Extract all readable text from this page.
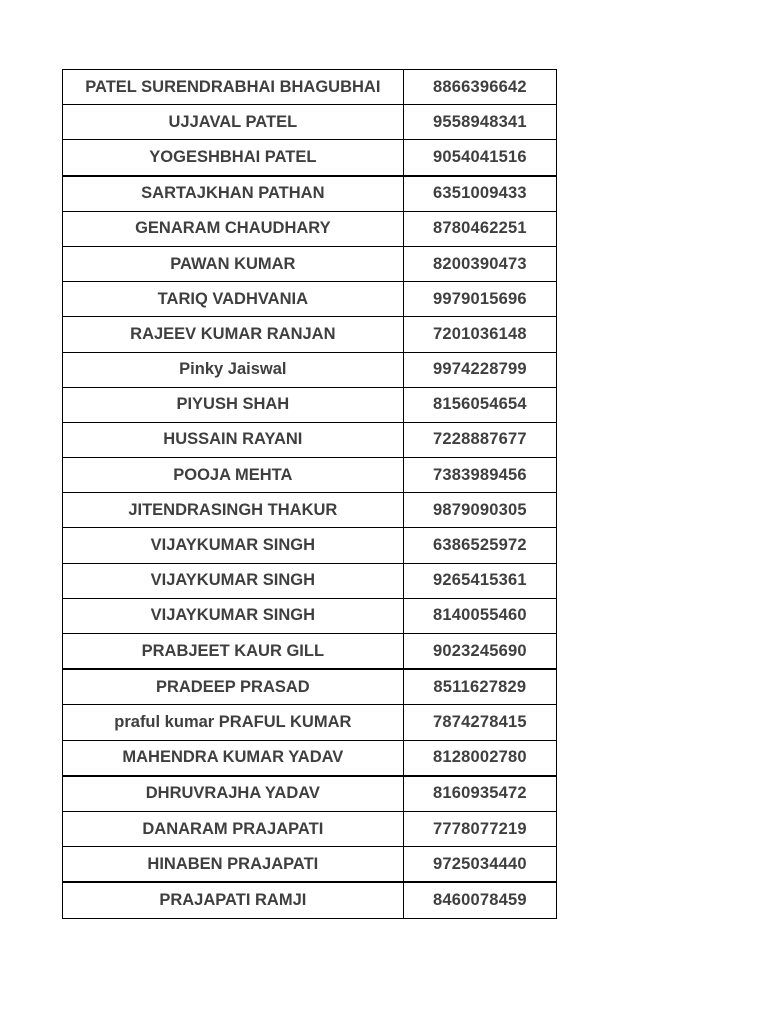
PATEL SURENDRABHAI BHAGUBHAI	8866396642
UJJAVAL PATEL	9558948341
YOGESHBHAI PATEL	9054041516
SARTAJKHAN PATHAN	6351009433
GENARAM CHAUDHARY	8780462251
PAWAN KUMAR	8200390473
TARIQ VADHVANIA	9979015696
RAJEEV KUMAR RANJAN	7201036148
Pinky Jaiswal	9974228799
PIYUSH SHAH	8156054654
HUSSAIN RAYANI	7228887677
POOJA MEHTA	7383989456
JITENDRASINGH THAKUR	9879090305
VIJAYKUMAR SINGH	6386525972
VIJAYKUMAR SINGH	9265415361
VIJAYKUMAR SINGH	8140055460
PRABJEET KAUR GILL	9023245690
PRADEEP PRASAD	8511627829
praful kumar PRAFUL KUMAR	7874278415
MAHENDRA KUMAR YADAV	8128002780
DHRUVRAJHA YADAV	8160935472
DANARAM PRAJAPATI	7778077219
HINABEN PRAJAPATI	9725034440
PRAJAPATI RAMJI	8460078459
